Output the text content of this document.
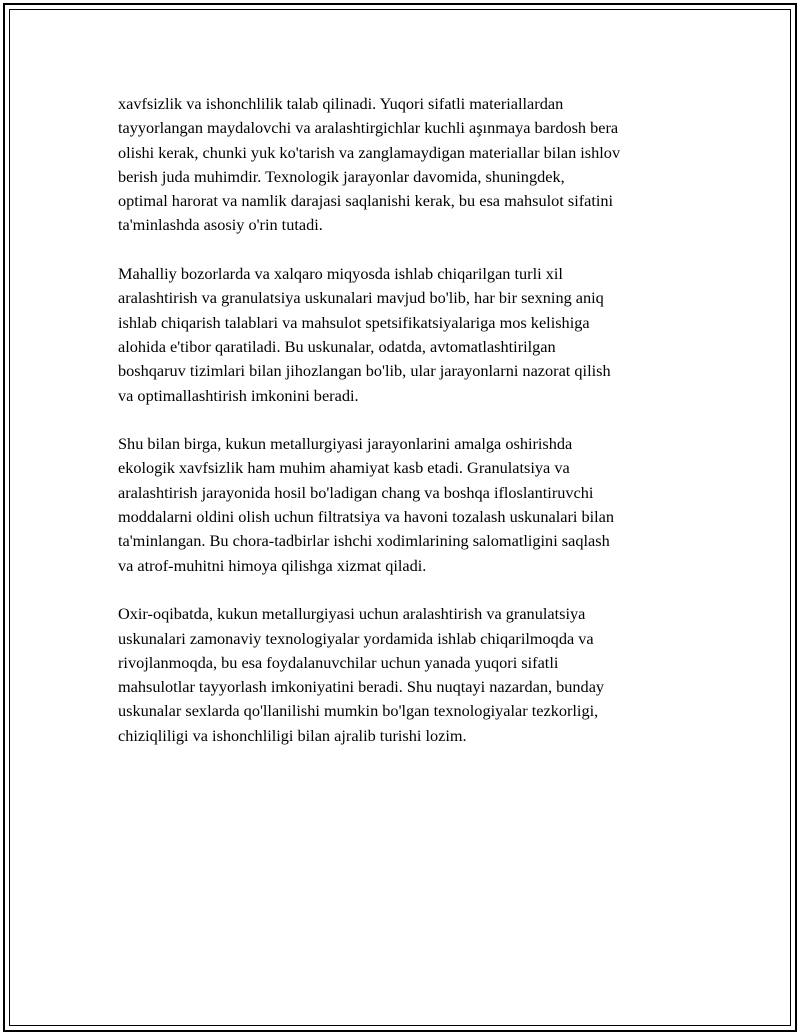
xavfsizlik va ishonchlilik talab qilinadi. Yuqori sifatli materiallardan
tayyorlangan maydalovchi va aralashtirgichlar kuchli aşınmaya bardosh bera
olishi kerak, chunki yuk ko'tarish va zanglamaydigan materiallar bilan ishlov
berish juda muhimdir. Texnologik jarayonlar davomida, shuningdek,
optimal harorat va namlik darajasi saqlanishi kerak, bu esa mahsulot sifatini
ta'minlashda asosiy o'rin tutadi.

Mahalliy bozorlarda va xalqaro miqyosda ishlab chiqarilgan turli xil
aralashtirish va granulatsiya uskunalari mavjud bo'lib, har bir sexning aniq
ishlab chiqarish talablari va mahsulot spetsifikatsiyalariga mos kelishiga
alohida e'tibor qaratiladi. Bu uskunalar, odatda, avtomatlashtirilgan
boshqaruv tizimlari bilan jihozlangan bo'lib, ular jarayonlarni nazorat qilish
va optimallashtirish imkonini beradi.

Shu bilan birga, kukun metallurgiyasi jarayonlarini amalga oshirishda
ekologik xavfsizlik ham muhim ahamiyat kasb etadi. Granulatsiya va
aralashtirish jarayonida hosil bo'ladigan chang va boshqa ifloslantiruvchi
moddalarni oldini olish uchun filtratsiya va havoni tozalash uskunalari bilan
ta'minlangan. Bu chora-tadbirlar ishchi xodimlarining salomatligini saqlash
va atrof-muhitni himoya qilishga xizmat qiladi.

Oxir-oqibatda, kukun metallurgiyasi uchun aralashtirish va granulatsiya
uskunalari zamonaviy texnologiyalar yordamida ishlab chiqarilmoqda va
rivojlanmoqda, bu esa foydalanuvchilar uchun yanada yuqori sifatli
mahsulotlar tayyorlash imkoniyatini beradi. Shu nuqtayi nazardan, bunday
uskunalar sexlarda qo'llanilishi mumkin bo'lgan texnologiyalar tezkorligi,
chiziqliligi va ishonchliligi bilan ajralib turishi lozim.
